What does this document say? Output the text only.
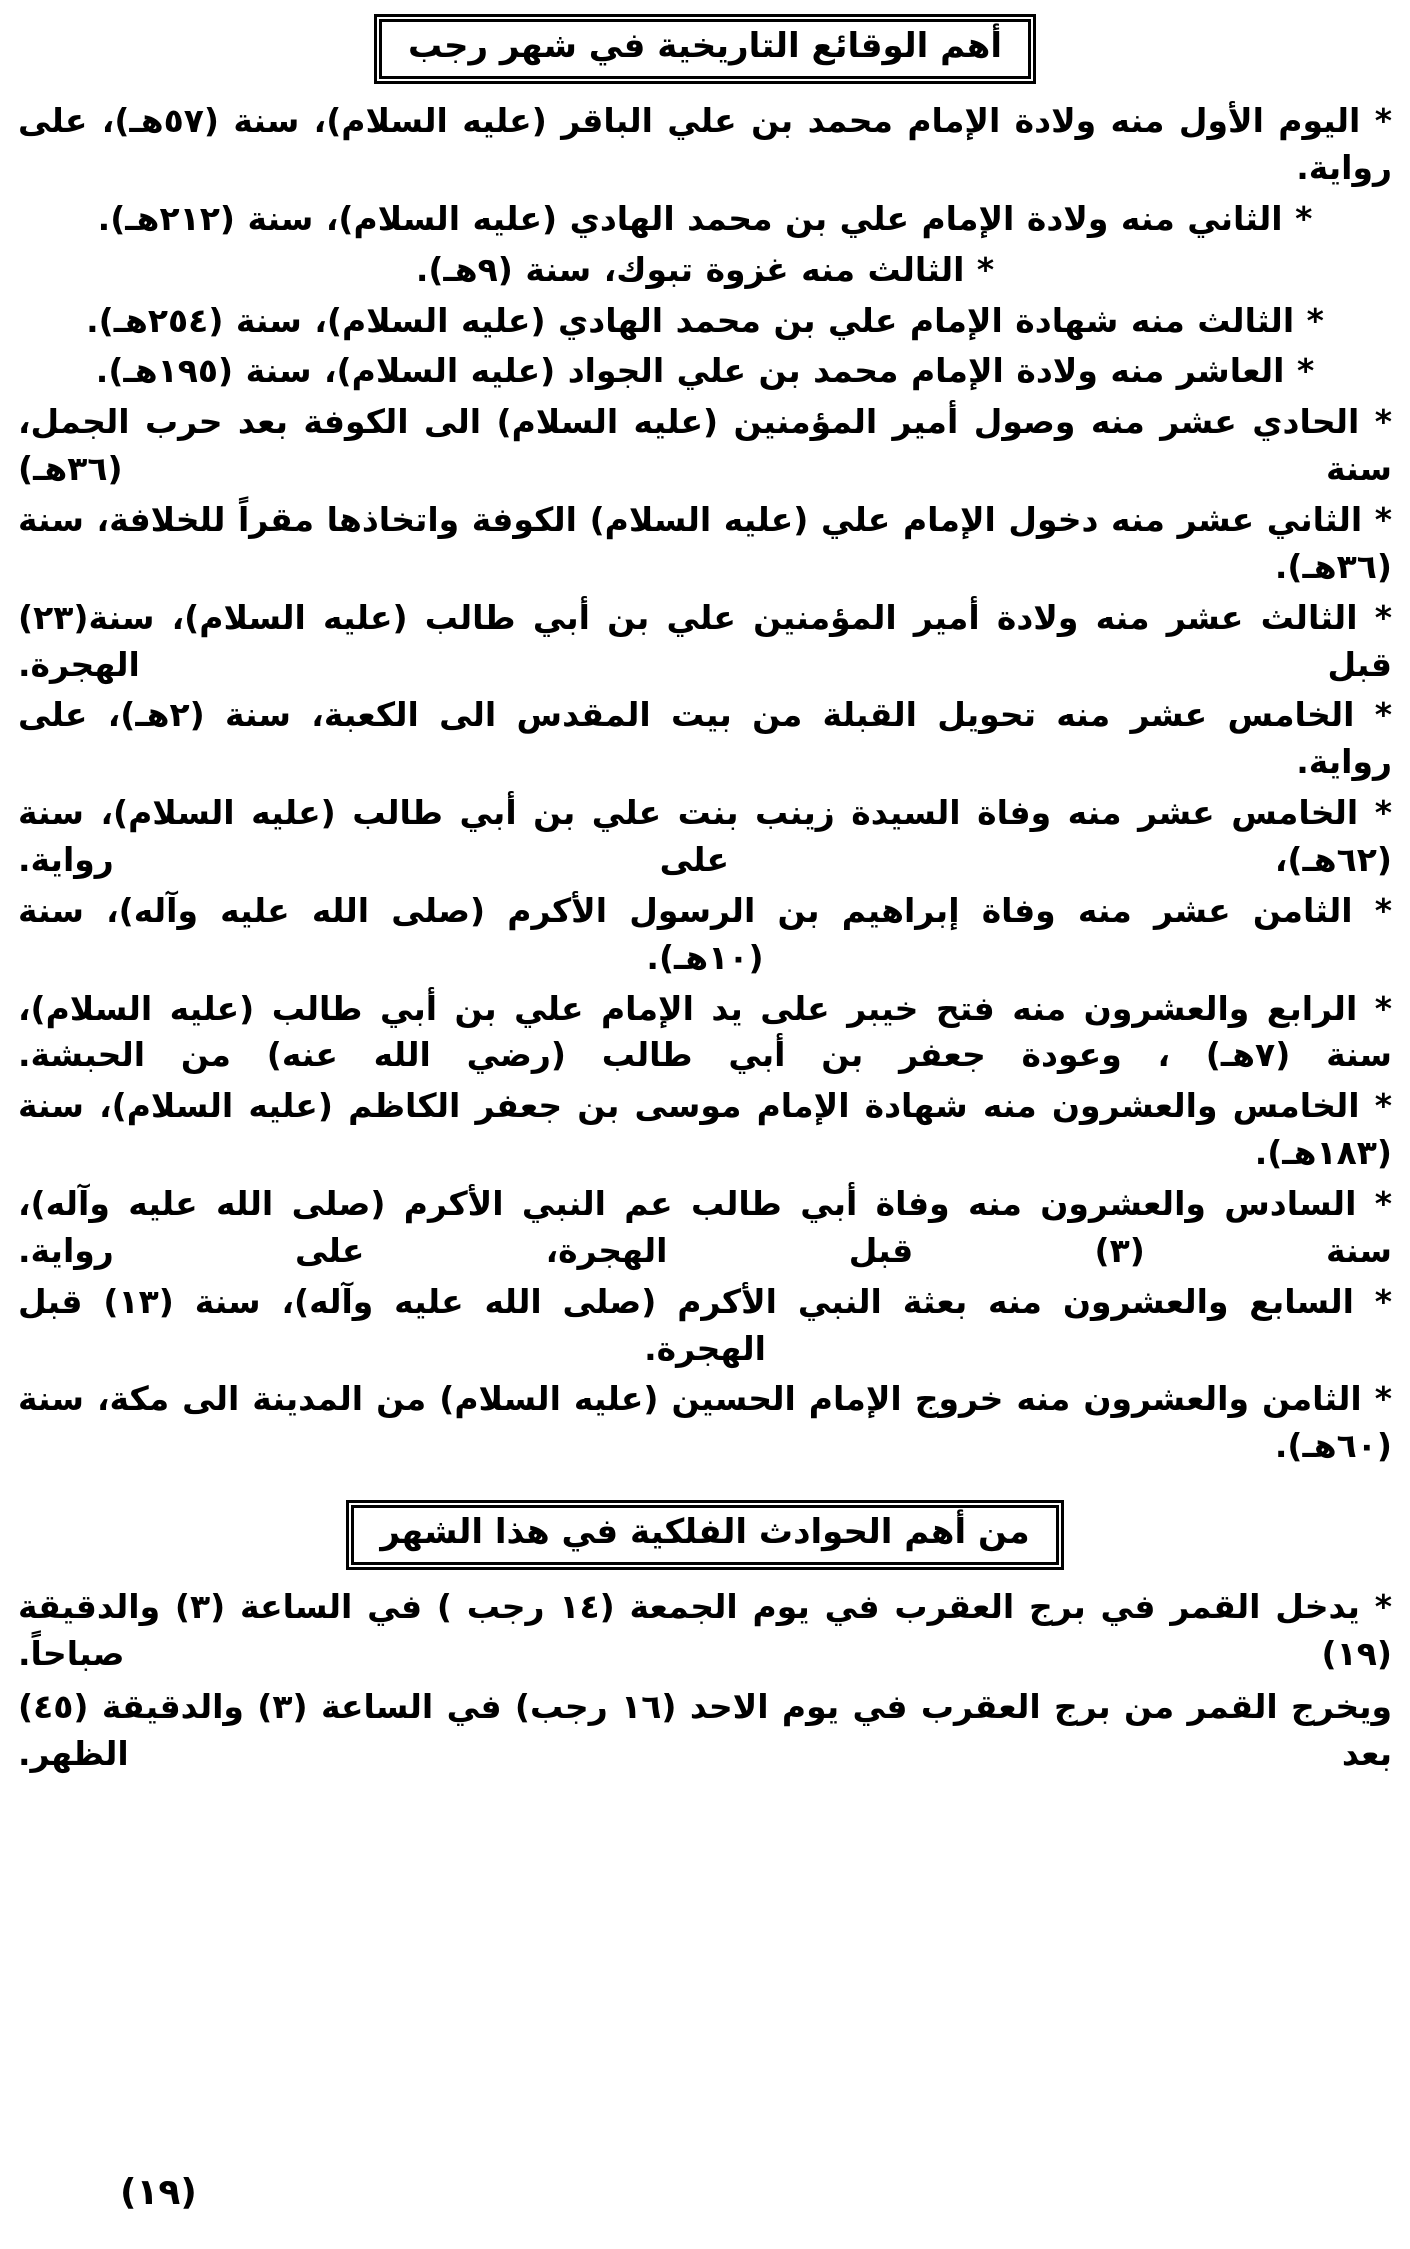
أهم الوقائع التاريخية في شهر رجب

* اليوم الأول منه ولادة الإمام محمد بن علي الباقر (عليه السلام)، سنة (٥٧هـ)، على رواية.

* الثاني منه ولادة الإمام علي بن محمد الهادي (عليه السلام)، سنة (٢١٢هـ).

* الثالث منه غزوة تبوك، سنة (٩هـ).

* الثالث منه شهادة الإمام علي بن محمد الهادي (عليه السلام)، سنة (٢٥٤هـ).

* العاشر منه ولادة الإمام محمد بن علي الجواد (عليه السلام)، سنة (١٩٥هـ).

* الحادي عشر منه وصول أمير المؤمنين (عليه السلام) الى الكوفة بعد حرب الجمل، سنة (٣٦هـ)

* الثاني عشر منه دخول الإمام علي (عليه السلام) الكوفة واتخاذها مقراً للخلافة، سنة (٣٦هـ).

* الثالث عشر منه ولادة أمير المؤمنين علي بن أبي طالب (عليه السلام)، سنة(٢٣) قبل الهجرة.

* الخامس عشر منه تحويل القبلة من بيت المقدس الى الكعبة، سنة (٢هـ)، على رواية.

* الخامس عشر منه وفاة السيدة زينب بنت علي بن أبي طالب (عليه السلام)، سنة (٦٢هـ)، على رواية.

* الثامن عشر منه وفاة إبراهيم بن الرسول الأكرم (صلى الله عليه وآله)، سنة (١٠هـ).

* الرابع والعشرون منه فتح خيبر على يد الإمام علي بن أبي طالب (عليه السلام)، سنة (٧هـ) ، وعودة جعفر بن أبي طالب (رضي الله عنه) من الحبشة.

* الخامس والعشرون منه شهادة الإمام موسى بن جعفر الكاظم (عليه السلام)، سنة (١٨٣هـ).

* السادس والعشرون منه وفاة أبي طالب عم النبي الأكرم (صلى الله عليه وآله)، سنة (٣) قبل الهجرة، على رواية.

* السابع والعشرون منه بعثة النبي الأكرم (صلى الله عليه وآله)، سنة (١٣) قبل الهجرة.

* الثامن والعشرون منه خروج الإمام الحسين (عليه السلام) من المدينة الى مكة، سنة (٦٠هـ).

من أهم الحوادث الفلكية في هذا الشهر

* يدخل القمر في برج العقرب في يوم الجمعة (١٤ رجب ) في الساعة (٣) والدقيقة (١٩) صباحاً.

ويخرج القمر من برج العقرب في يوم الاحد (١٦ رجب) في الساعة (٣) والدقيقة (٤٥) بعد الظهر.

(١٩)
